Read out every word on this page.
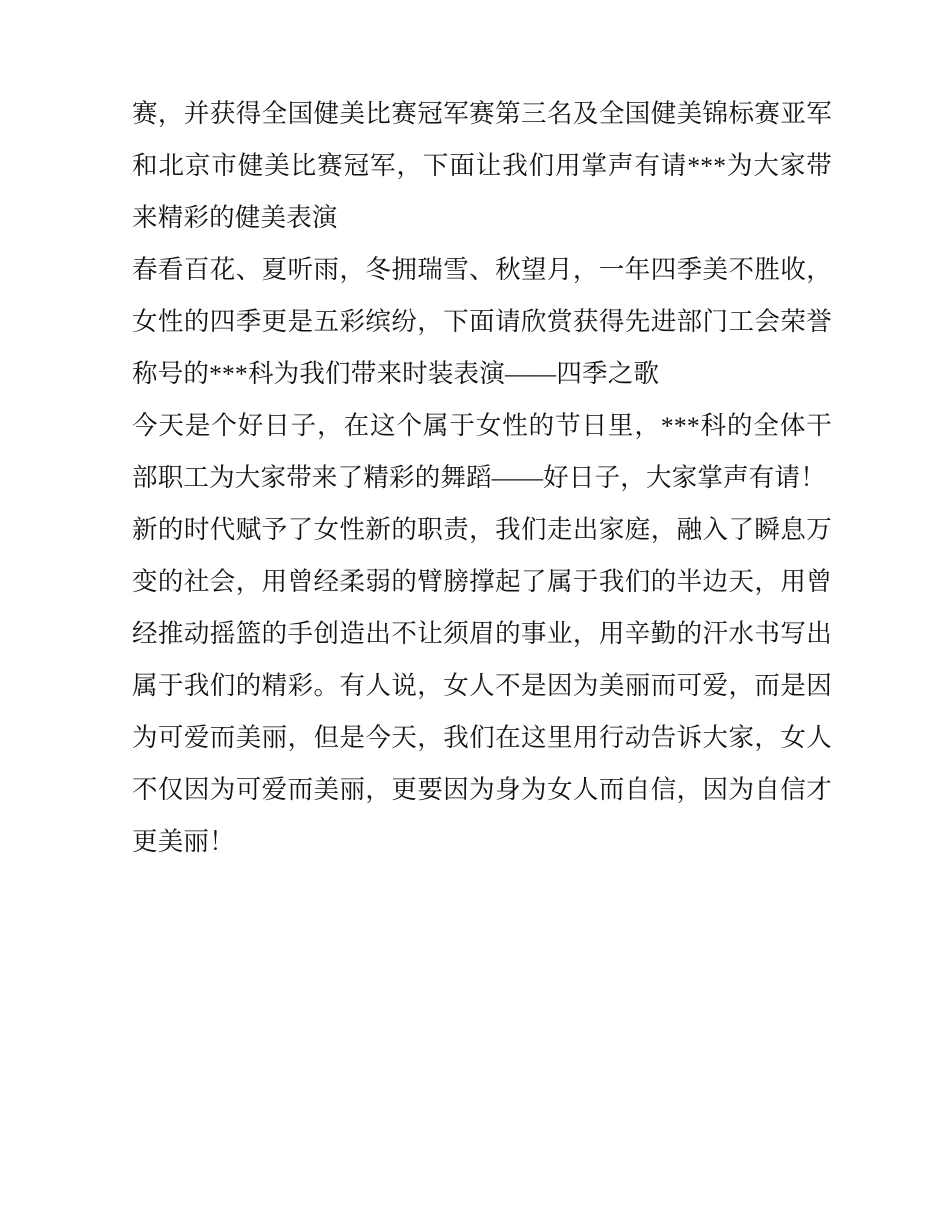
赛，并获得全国健美比赛冠军赛第三名及全国健美锦标赛亚军和北京市健美比赛冠军，下面让我们用掌声有请***为大家带来精彩的健美表演

春看百花、夏听雨，冬拥瑞雪、秋望月，一年四季美不胜收，女性的四季更是五彩缤纷，下面请欣赏获得先进部门工会荣誉称号的***科为我们带来时装表演——四季之歌

今天是个好日子，在这个属于女性的节日里，***科的全体干部职工为大家带来了精彩的舞蹈——好日子，大家掌声有请！

新的时代赋予了女性新的职责，我们走出家庭，融入了瞬息万变的社会，用曾经柔弱的臂膀撑起了属于我们的半边天，用曾经推动摇篮的手创造出不让须眉的事业，用辛勤的汗水书写出属于我们的精彩。有人说，女人不是因为美丽而可爱，而是因为可爱而美丽，但是今天，我们在这里用行动告诉大家，女人不仅因为可爱而美丽，更要因为身为女人而自信，因为自信才更美丽！
